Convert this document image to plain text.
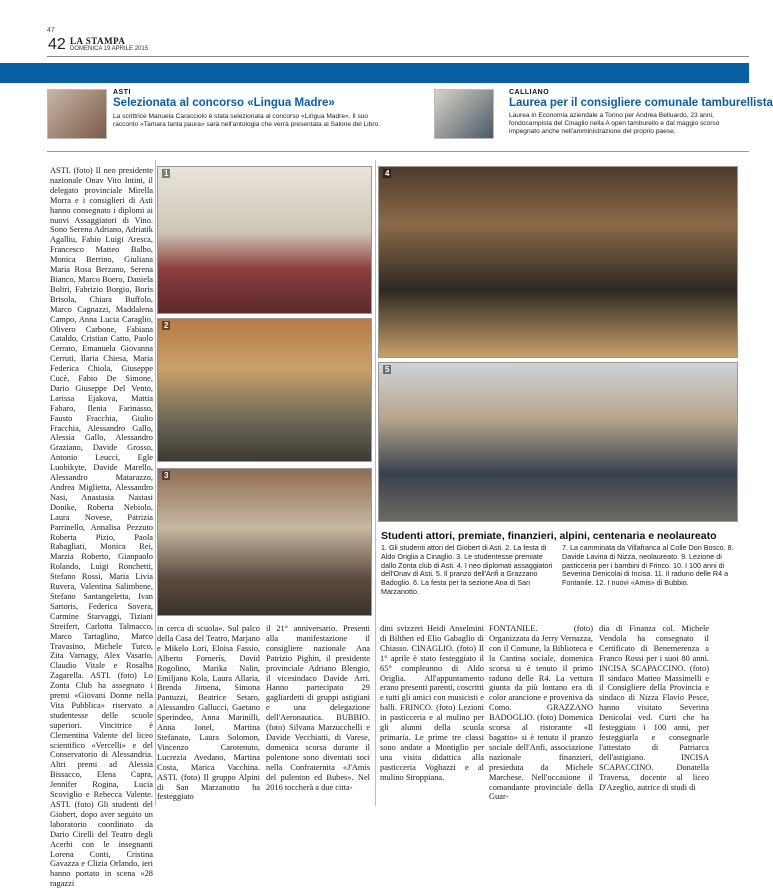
47
42 LA STAMPA
DOMENICA 19 APRILE 2015
ASTI
Selezionata al concorso «Lingua Madre»
La scrittrice Manuela Caracciolo è stata selezionata al concorso «Lingua Madre». Il suo racconto «Tamara tanta paura» sarà nell'antologia che verrà presentata al Salone del Libro.
CALLIANO
Laurea per il consigliere comunale tamburellista
Laurea in Economia aziendale a Torino per Andrea Belluardo, 23 anni, fondocampista del Cinaglio nella A open tamburello e dal maggio scorso impegnato anche nell'amministrazione del proprio paese.
ASTI. (foto) Il neo presidente nazionale Onav Vito Intini, il delegato provinciale Mirella Morra e i consiglieri di Asti hanno consegnato i diplomi ai nuovi Assaggiatori di Vino. Sono Serena Adriano, Adriatik Agalliu, Fabio Luigi Aresca, Francesco Matteo Balbo, Monica Berrino, Giuliana Maria Rosa Berzano, Serena Bianco, Marco Boero, Daniela Boltri, Fabrizio Borgio, Boris Brisola, Chiara Buffolo, Marco Cagnazzi, Maddalena Campo, Anna Lucia Caraglio, Olivero Carbone, Fabiana Cataldo, Cristian Catto, Paolo Cerrato, Emanuela Giovanna Cerruti, Ilaria Chiesa, Maria Federica Chiola, Giuseppe Cucè, Fabio De Simone, Dario Giuseppe Del Vento, Larissa Ejakova, Mattia Fabaro, Ilenia Farinasso, Fausto Fracchia, Giulio Fracchia, Alessandro Gallo, Alessia Gallo, Alessandro Graziano, Davide Grosso, Antonio Leucci, Egle Luobikyte, Davide Marello, Alessandro Matarazzo, Andrea Miglietta, Alessandro Nasi, Anastasia Nastasi Donike, Roberta Nebiolo, Laura Novese, Patrizia Parrinello, Annalisa Pezzuto Roberta Pizio, Paola Rabagliati, Monica Rei, Marzia Roberto, Gianpaolo Rolando, Luigi Ronchetti, Stefano Rossi, Maria Livia Ruvera, Valentina Salimbene, Stefano Santangeletta, Ivan Sartoris, Federica Sovera, Carmine Starvaggi, Tiziani Streifert, Carlotta Talmacco, Marco Tartaglino, Marco Travasino, Michele Turco, Zita Varnagy, Alex Vasario, Claudio Vitale e Rosalba Zagarella. ASTI. (foto) Lo Zonta Club ha assegnato i premi «Giovani Donne nella Vita Pubblica» riservato a studentesse delle scuole superiori. Vincitrice è Clementina Valente del liceo scientifico «Vercelli» e del Conservatorio di Alessandria. Altri premi ad Alessia Bissacco, Elena Capra, Jennifer Rogina, Lucia Scoviglio e Rebecca Valente. ASTI. (foto) Gli studenti del Giobert, dopo aver seguito un laboratorio coordinato da Dario Cirelli del Teatro degli Acerbi con le insegnanti Lorena Conti, Cristina Gavazza e Clizia Orlando, ieri hanno portato in scena «28 ragazzi
1
2
3
4
5
Studenti attori, premiate, finanzieri, alpini, centenaria e neolaureato
1. Gli studenti attori del Giobert di Asti. 2. La festa di Aldo Origlia a Cinaglio. 3. Le studentesse premiate dallo Zonta club di Asti. 4. I neo diplomati assaggiatori dell'Onav di Asti. 5. Il pranzo dell'Anfi a Grazzano Badoglio. 6. La festa per la sezione Ana di San Marzanotto.
7. La camminata da Villafranca al Colle Don Bosco. 8. Davide Lavina di Nizza, neolaureato. 9. Lezione di pasticceria per i bambini di Frinco. 10. I 100 anni di Severina Denicolai di Incisa. 11. Il raduno delle R4 a Fontanile. 12. I nuovi «Amis» di Bubbio.
in cerca di scuola». Sul palco della Casa del Teatro, Marjano e Mikelo Lori, Eloisa Fassio, Alberto Fornerís, David Rogolino, Marika Nalin, Emiljano Kola, Laura Allaria, Brenda Jimena, Simona Pantuzzi, Beatrice Setaro, Alessandro Gallucci, Gaetano Sperindeo, Anna Marinilli, Anna Ionel, Martina Stefanato, Laura Solomon, Vincenzo Carotenuto, Lucrezia Avedano, Martina Costa, Marica Vacchina. ASTI. (foto) Il gruppo Alpini di San Marzanotto ha festeggiato
il 21° anniversario. Presenti alla manifestazione il consigliere nazionale Ana Patrizio Pighin, il presidente provinciale Adriano Blengio, il vicesindaco Davide Arri. Hanno partecipato 29 gagliardetti di gruppi astigiani e una delegazione dell'Aeronautica. BUBBIO. (foto) Silvana Marzucchelli e Davide Vecchiatti, di Varese, domenica scorsa durante il polentone sono diventati soci nella Confraternita «J'Amis del pulenton ed Bubes». Nel 2016 toccherà a due citta-
dini svizzeri Heidi Anselmini di Bilthen ed Elio Gabaglio di Chiasso. CINAGLIO. (foto) Il 1° aprile è stato festeggiato il 65° compleanno di Aldo Origlia. All'appuntamento erano presenti parenti, coscritti e tutti gli amici con musicisti e balli. FRINCO. (foto) Lezioni in pasticceria e al mulino per gli alunni della scuola primaria. Le prime tre classi sono andate a Montiglio per una visita didattica alla pasticceria Voghazzi e al mulino Stroppiana.
FONTANILE. (foto) Organizzata da Jerry Vernazza, con il Comune, la Biblioteca e la Cantina sociale, domenica scorsa si è tenuto il primo raduno delle R4. La vettura giunta da più lontano era di color arancione e proveniva da Como. GRAZZANO BADOGLIO. (foto) Domenica scorsa al ristorante «Il bagatto» si è tenuto il pranzo sociale dell'Anfi, associazione nazionale finanzieri, presieduta da Michele Marchese. Nell'occasione il comandante provinciale della Guar-
dia di Finanza col. Michele Vendola ha consegnato il Certificato di Benemerenza a Franco Rossi per i suoi 80 anni. INCISA SCAPACCINO. (foto) Il sindaco Matteo Massimelli e il Consigliere della Provincia e sindaco di Nizza Flavio Pesce, hanno visitato Severina Denicolai ved. Curti che ha festeggiato i 100 anni, per festeggiarla e consegnarle l'attestato di Patriarca dell'astigiano. INCISA SCAPACCINO. Donatella Traversa, docente al liceo D'Azeglio, autrice di studi di
